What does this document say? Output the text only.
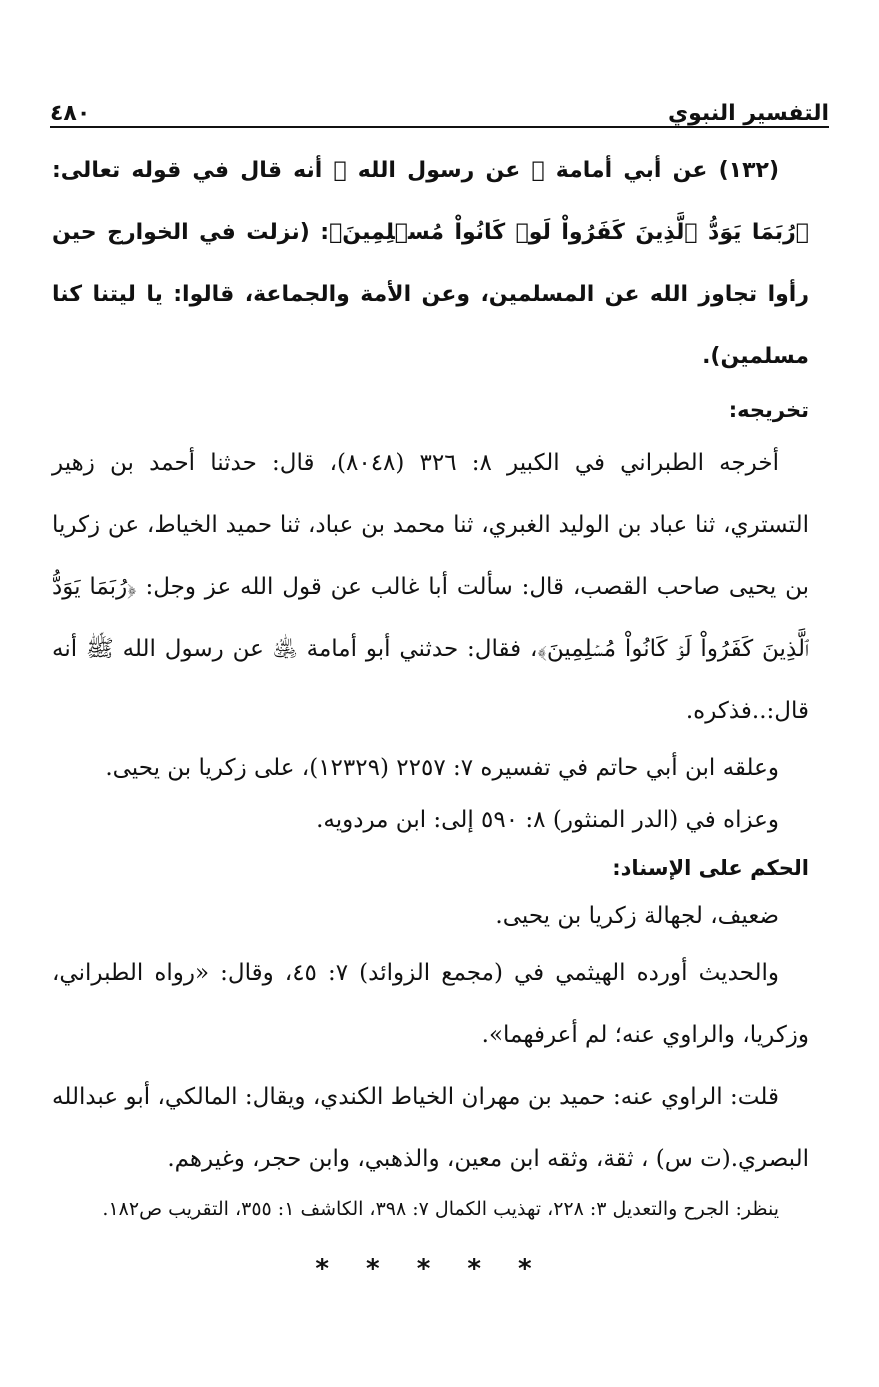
التفسير النبوي
٤٨٠

(١٣٢) عن أبي أمامة ﵁ عن رسول الله ﷺ أنه قال في قوله تعالى: ﴿رُبَمَا يَوَدُّ ٱلَّذِينَ كَفَرُواْ لَوۡ كَانُواْ مُسۡلِمِينَ﴾: (نزلت في الخوارج حين رأوا تجاوز الله عن المسلمين، وعن الأمة والجماعة، قالوا: يا ليتنا كنا مسلمين).

تخريجه:

أخرجه الطبراني في الكبير ٨: ٣٢٦ (٨٠٤٨)، قال: حدثنا أحمد بن زهير التستري، ثنا عباد بن الوليد الغبري، ثنا محمد بن عباد، ثنا حميد الخياط، عن زكريا بن يحيى صاحب القصب، قال: سألت أبا غالب عن قول الله عز وجل: ﴿رُبَمَا يَوَدُّ ٱلَّذِينَ كَفَرُواْ لَوۡ كَانُواْ مُسۡلِمِينَ﴾، فقال: حدثني أبو أمامة ﵁ عن رسول الله ﷺ أنه قال:..فذكره.

وعلقه ابن أبي حاتم في تفسيره ٧: ٢٢٥٧ (١٢٣٢٩)، على زكريا بن يحيى.

وعزاه في (الدر المنثور) ٨: ٥٩٠ إلى: ابن مردويه.

الحكم على الإسناد:

ضعيف، لجهالة زكريا بن يحيى.

والحديث أورده الهيثمي في (مجمع الزوائد) ٧: ٤٥، وقال: «رواه الطبراني، وزكريا، والراوي عنه؛ لم أعرفهما».

قلت: الراوي عنه: حميد بن مهران الخياط الكندي، ويقال: المالكي، أبو عبدالله البصري.(ت س) ، ثقة، وثقه ابن معين، والذهبي، وابن حجر، وغيرهم.

ينظر: الجرح والتعديل ٣: ٢٢٨، تهذيب الكمال ٧: ٣٩٨، الكاشف ١: ٣٥٥، التقريب ص١٨٢.

* * * * *
